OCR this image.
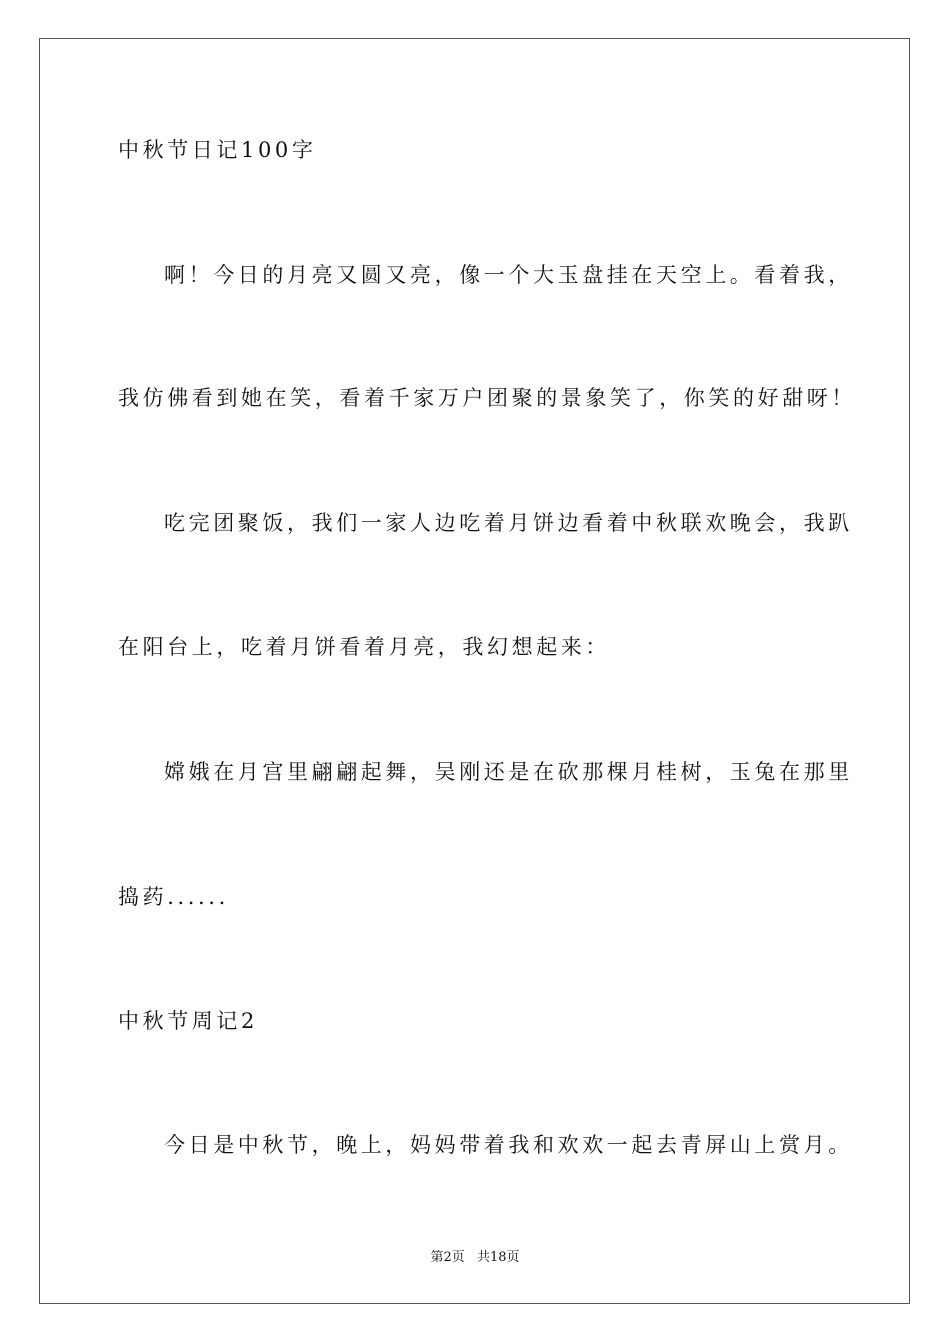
中秋节日记100字
啊！今日的月亮又圆又亮，像一个大玉盘挂在天空上。看着我，
我仿佛看到她在笑，看着千家万户团聚的景象笑了，你笑的好甜呀！
吃完团聚饭，我们一家人边吃着月饼边看着中秋联欢晚会，我趴
在阳台上，吃着月饼看着月亮，我幻想起来：
嫦娥在月宫里翩翩起舞，吴刚还是在砍那棵月桂树，玉兔在那里
捣药......
中秋节周记2
今日是中秋节，晚上，妈妈带着我和欢欢一起去青屏山上赏月。
第2页 共18页
